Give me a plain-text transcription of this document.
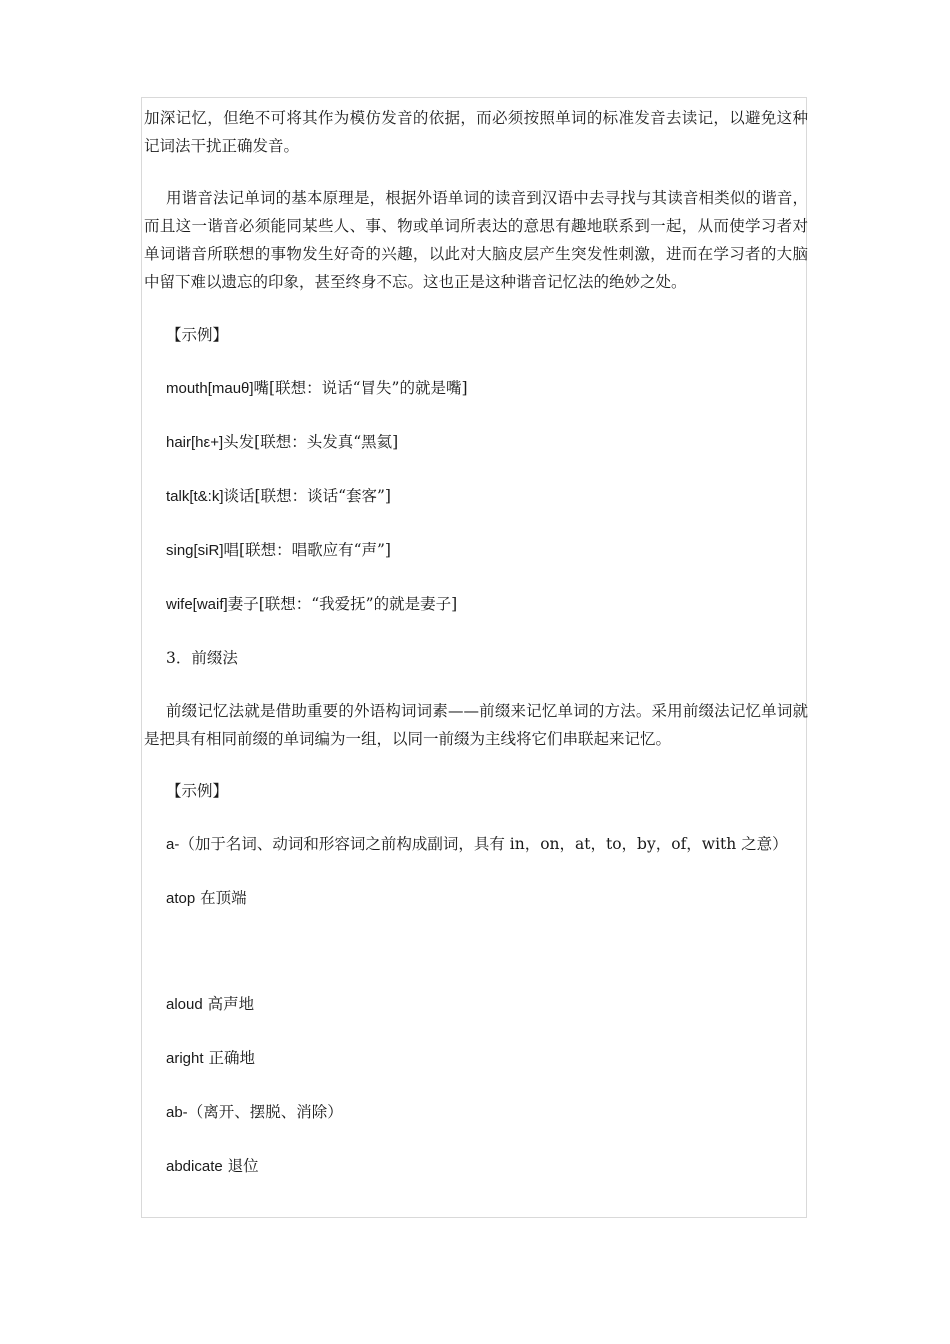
加深记忆，但绝不可将其作为模仿发音的依据，而必须按照单词的标准发音去读记，以避免这种记词法干扰正确发音。

用谐音法记单词的基本原理是，根据外语单词的读音到汉语中去寻找与其读音相类似的谐音，而且这一谐音必须能同某些人、事、物或单词所表达的意思有趣地联系到一起，从而使学习者对单词谐音所联想的事物发生好奇的兴趣，以此对大脑皮层产生突发性刺激，进而在学习者的大脑中留下难以遗忘的印象，甚至终身不忘。这也正是这种谐音记忆法的绝妙之处。

【示例】

mouth[mauθ]嘴[联想：说话“冒失”的就是嘴]

hair[hε+]头发[联想：头发真“黑氦]

talk[t&:k]谈话[联想：谈话“套客”]

sing[siR]唱[联想：唱歌应有“声”]

wife[waif]妻子[联想：“我爱抚”的就是妻子]

3．前缀法

前缀记忆法就是借助重要的外语构词词素——前缀来记忆单词的方法。采用前缀法记忆单词就是把具有相同前缀的单词编为一组，以同一前缀为主线将它们串联起来记忆。

【示例】

a-（加于名词、动词和形容词之前构成副词，具有 in，on，at，to，by，of，with 之意）

atop 在顶端

aloud 高声地

aright 正确地

ab-（离开、摆脱、消除）

abdicate 退位
